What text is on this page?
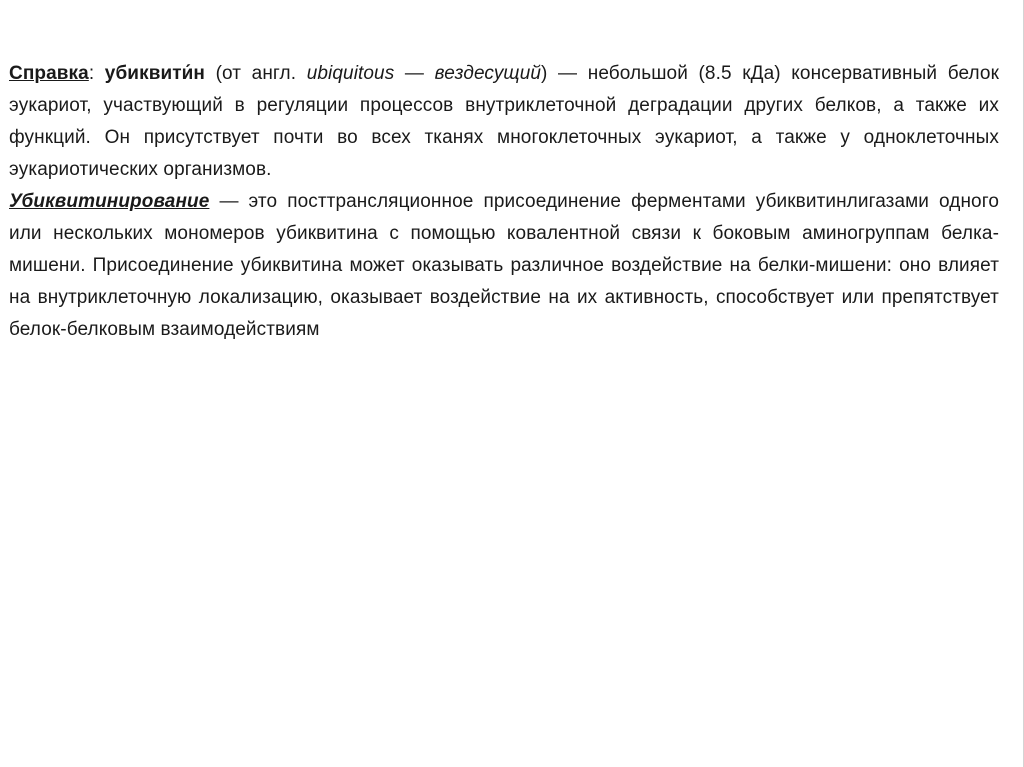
Справка: убиквити́н (от англ. ubiquitous — вездесущий) — небольшой (8.5 кДа) консервативный белок эукариот, участвующий в регуляции процессов внутриклеточной деградации других белков, а также их функций. Он присутствует почти во всех тканях многоклеточных эукариот, а также у одноклеточных эукариотических организмов.

Убиквитинирование — это посттрансляционное присоединение ферментами убиквитинлигазами одного или нескольких мономеров убиквитина с помощью ковалентной связи к боковым аминогруппам белка-мишени. Присоединение убиквитина может оказывать различное воздействие на белки-мишени: оно влияет на внутриклеточную локализацию, оказывает воздействие на их активность, способствует или препятствует белок-белковым взаимодействиям
